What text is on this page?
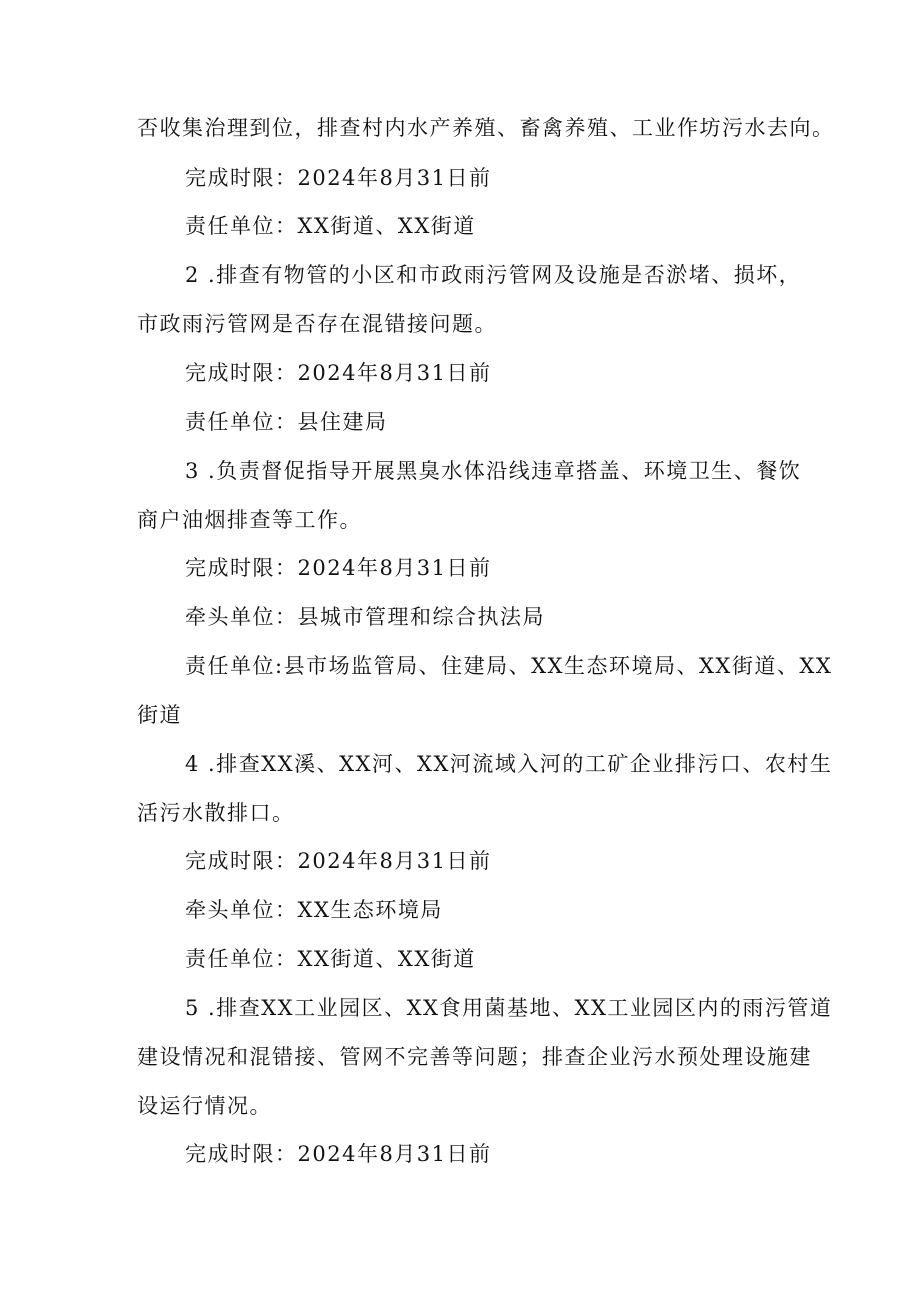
否收集治理到位，排查村内水产养殖、畜禽养殖、工业作坊污水去向。
完成时限：2024年8月31日前
责任单位：XX街道、XX街道
2 .排查有物管的小区和市政雨污管网及设施是否淤堵、损坏，
市政雨污管网是否存在混错接问题。
完成时限：2024年8月31日前
责任单位：县住建局
3 .负责督促指导开展黑臭水体沿线违章搭盖、环境卫生、餐饮
商户油烟排查等工作。
完成时限：2024年8月31日前
牵头单位：县城市管理和综合执法局
责任单位:县市场监管局、住建局、XX生态环境局、XX街道、XX
街道
4 .排查XX溪、XX河、XX河流域入河的工矿企业排污口、农村生
活污水散排口。
完成时限：2024年8月31日前
牵头单位：XX生态环境局
责任单位：XX街道、XX街道
5 .排查XX工业园区、XX食用菌基地、XX工业园区内的雨污管道
建设情况和混错接、管网不完善等问题；排查企业污水预处理设施建
设运行情况。
完成时限：2024年8月31日前
